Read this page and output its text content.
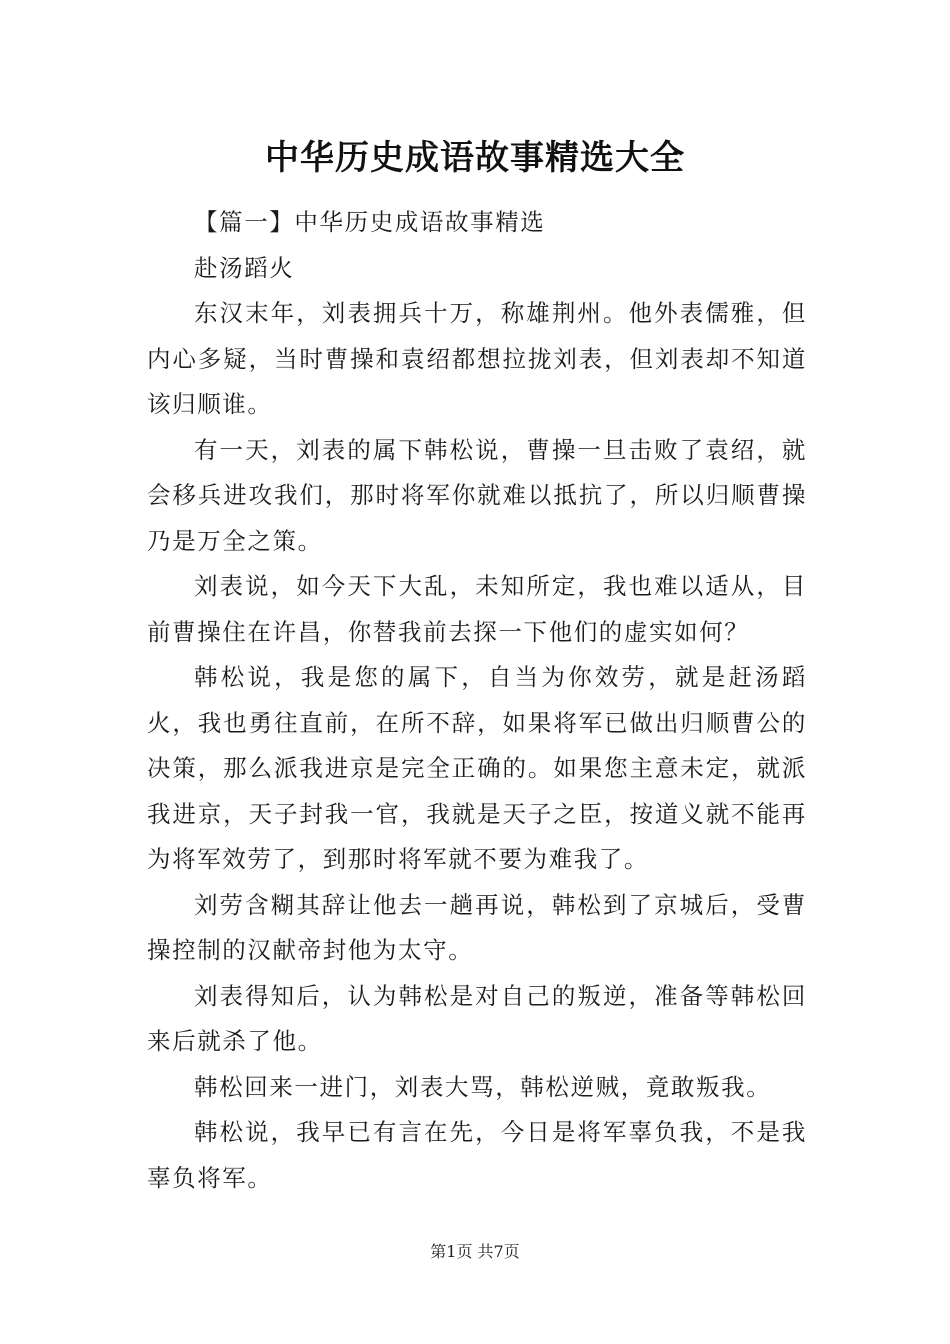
中华历史成语故事精选大全

【篇一】中华历史成语故事精选

赴汤蹈火

东汉末年，刘表拥兵十万，称雄荆州。他外表儒雅，但内心多疑，当时曹操和袁绍都想拉拢刘表，但刘表却不知道该归顺谁。

有一天，刘表的属下韩松说，曹操一旦击败了袁绍，就会移兵进攻我们，那时将军你就难以抵抗了，所以归顺曹操乃是万全之策。

刘表说，如今天下大乱，未知所定，我也难以适从，目前曹操住在许昌，你替我前去探一下他们的虚实如何？

韩松说，我是您的属下，自当为你效劳，就是赶汤蹈火，我也勇往直前，在所不辞，如果将军已做出归顺曹公的决策，那么派我进京是完全正确的。如果您主意未定，就派我进京，天子封我一官，我就是天子之臣，按道义就不能再为将军效劳了，到那时将军就不要为难我了。

刘劳含糊其辞让他去一趟再说，韩松到了京城后，受曹操控制的汉献帝封他为太守。

刘表得知后，认为韩松是对自己的叛逆，准备等韩松回来后就杀了他。

韩松回来一进门，刘表大骂，韩松逆贼，竟敢叛我。

韩松说，我早已有言在先，今日是将军辜负我，不是我辜负将军。

第1页 共7页
